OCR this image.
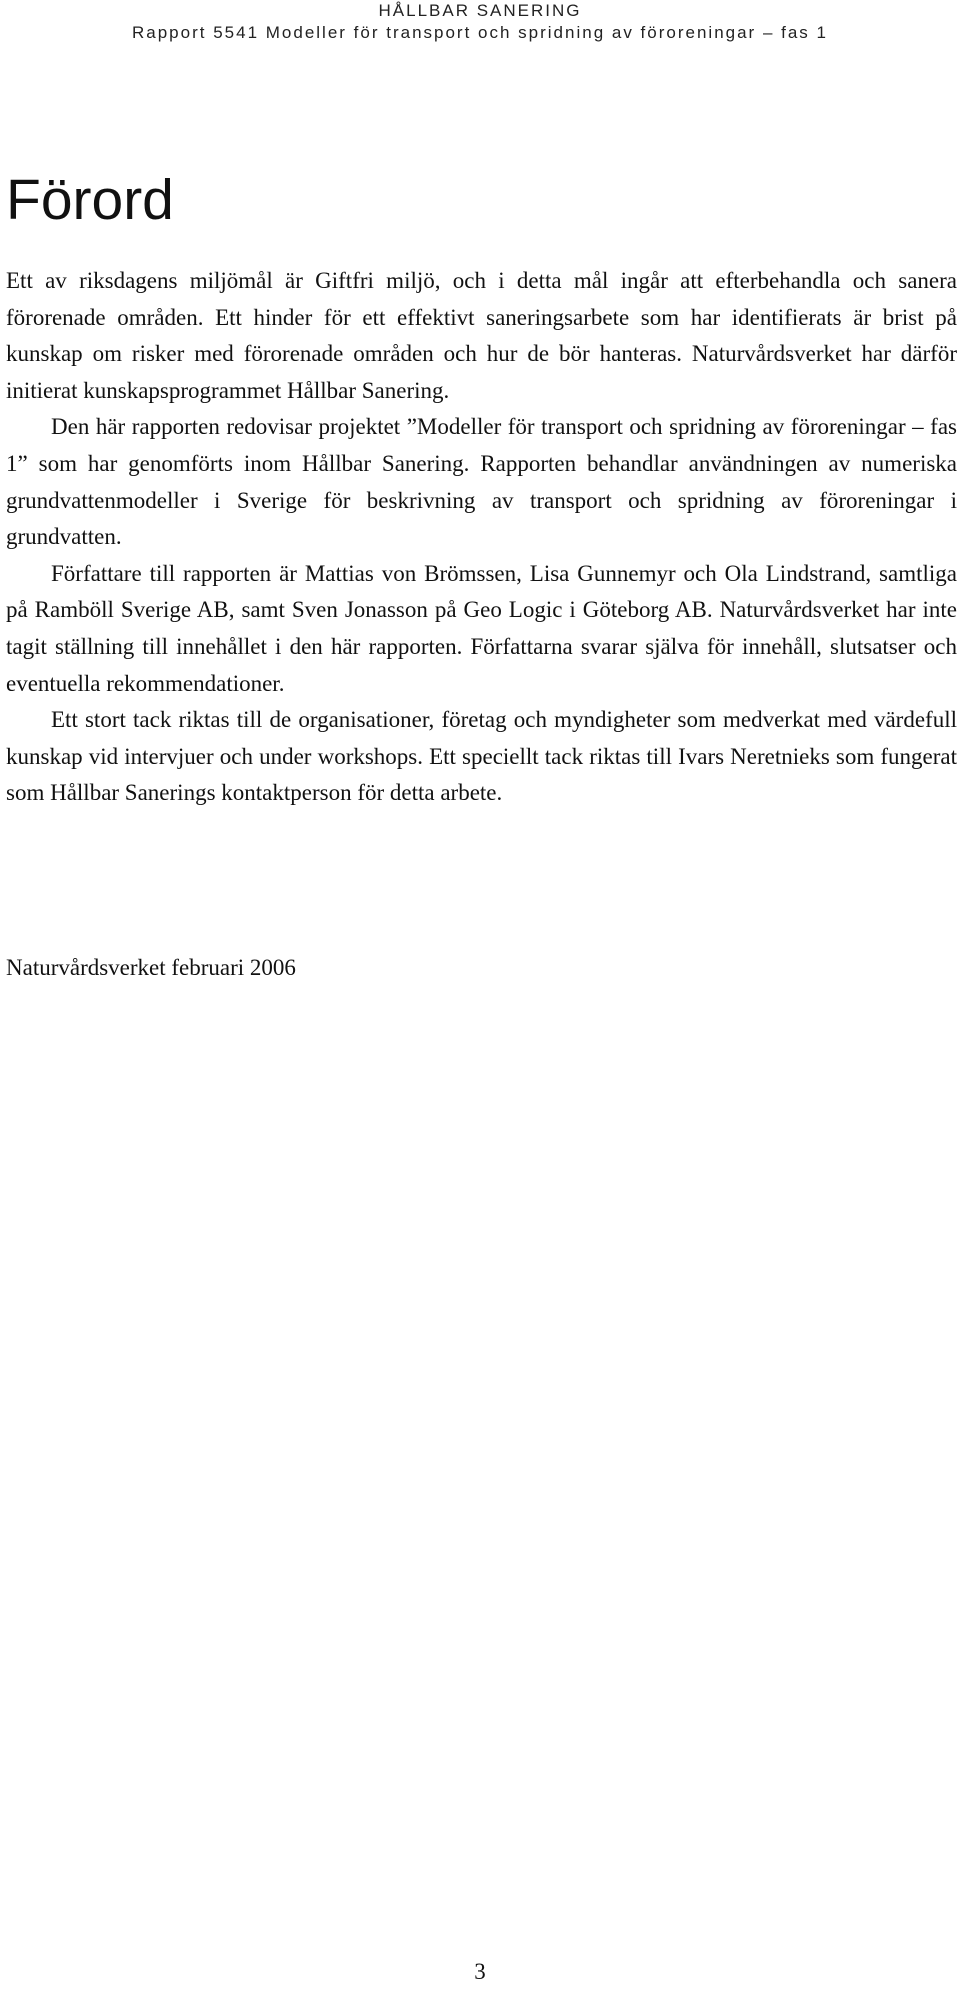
HÅLLBAR SANERING
Rapport 5541 Modeller för transport och spridning av föroreningar – fas 1
Förord

Ett av riksdagens miljömål är Giftfri miljö, och i detta mål ingår att efterbehandla och sanera förorenade områden. Ett hinder för ett effektivt saneringsarbete som har identifierats är brist på kunskap om risker med förorenade områden och hur de bör hanteras. Naturvårdsverket har därför initierat kunskapsprogrammet Hållbar Sanering.

Den här rapporten redovisar projektet ”Modeller för transport och spridning av föroreningar – fas 1” som har genomförts inom Hållbar Sanering. Rapporten behandlar användningen av numeriska grundvattenmodeller i Sverige för beskrivning av transport och spridning av föroreningar i grundvatten.

Författare till rapporten är Mattias von Brömssen, Lisa Gunnemyr och Ola Lindstrand, samtliga på Ramböll Sverige AB, samt Sven Jonasson på Geo Logic i Göteborg AB. Naturvårdsverket har inte tagit ställning till innehållet i den här rapporten. Författarna svarar själva för innehåll, slutsatser och eventuella rekommendationer.

Ett stort tack riktas till de organisationer, företag och myndigheter som medverkat med värdefull kunskap vid intervjuer och under workshops. Ett speciellt tack riktas till Ivars Neretnieks som fungerat som Hållbar Sanerings kontaktperson för detta arbete.

Naturvårdsverket februari 2006
3
